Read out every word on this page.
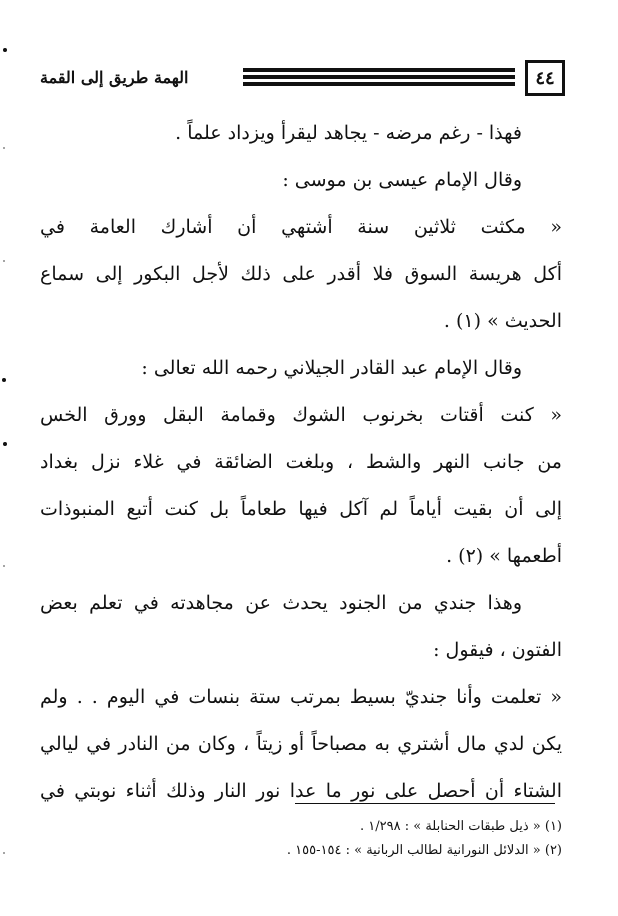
٤٤
الهمة طريق إلى القمة
فهذا - رغم مرضه - يجاهد ليقرأ ويزداد علماً .
وقال الإمام عيسى بن موسى :
« مكثت ثلاثين سنة أشتهي أن أشارك العامة في
أكل هريسة السوق فلا أقدر على ذلك لأجل البكور إلى سماع
الحديث » (١) .
وقال الإمام عبد القادر الجيلاني رحمه الله تعالى :
« كنت أقتات بخرنوب الشوك وقمامة البقل وورق الخس
من جانب النهر والشط ، وبلغت الضائقة في غلاء نزل بغداد
إلى أن بقيت أياماً لم آكل فيها طعاماً بل كنت أتبع المنبوذات
أطعمها » (٢) .
وهذا جندي من الجنود يحدث عن مجاهدته في تعلم بعض
الفتون ، فيقول :
« تعلمت وأنا جنديّ بسيط بمرتب ستة بنسات في اليوم . . ولم
يكن لدي مال أشتري به مصباحاً أو زيتاً ، وكان من النادر في ليالي
الشتاء أن أحصل على نور ما عدا نور النار وذلك أثناء نوبتي في
(١) « ذيل طبقات الحنابلة » : ١/٢٩٨ .
(٢) « الدلائل النورانية لطالب الربانية » : ١٥٤-١٥٥ .
